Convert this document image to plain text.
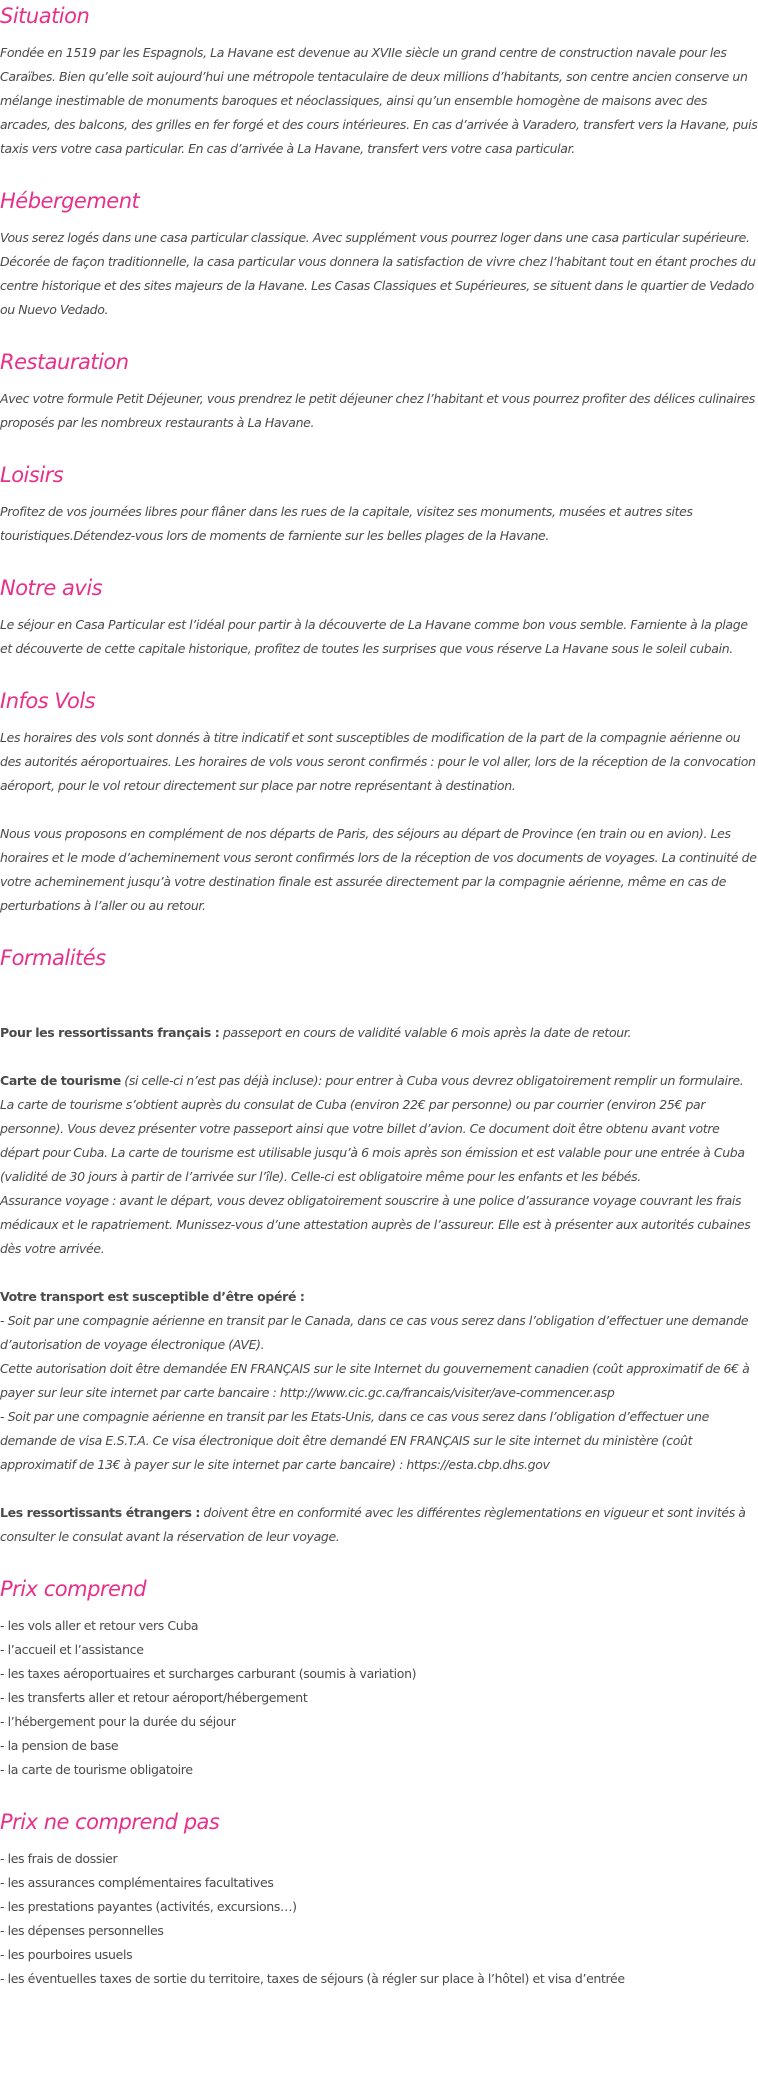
Situation

Fondée en 1519 par les Espagnols, La Havane est devenue au XVIIe siècle un grand centre de construction navale pour les Caraïbes. Bien qu’elle soit aujourd’hui une métropole tentaculaire de deux millions d’habitants, son centre ancien conserve un mélange inestimable de monuments baroques et néoclassiques, ainsi qu’un ensemble homogène de maisons avec des arcades, des balcons, des grilles en fer forgé et des cours intérieures. En cas d’arrivée à Varadero, transfert vers la Havane, puis taxis vers votre casa particular. En cas d’arrivée à La Havane, transfert vers votre casa particular.

Hébergement

Vous serez logés dans une casa particular classique. Avec supplément vous pourrez loger dans une casa particular supérieure. Décorée de façon traditionnelle, la casa particular vous donnera la satisfaction de vivre chez l’habitant tout en étant proches du centre historique et des sites majeurs de la Havane. Les Casas Classiques et Supérieures, se situent dans le quartier de Vedado ou Nuevo Vedado.

Restauration

Avec votre formule Petit Déjeuner, vous prendrez le petit déjeuner chez l’habitant et vous pourrez profiter des délices culinaires proposés par les nombreux restaurants à La Havane.

Loisirs

Profitez de vos journées libres pour flâner dans les rues de la capitale, visitez ses monuments, musées et autres sites touristiques.Détendez-vous lors de moments de farniente sur les belles plages de la Havane.

Notre avis

Le séjour en Casa Particular est l’idéal pour partir à la découverte de La Havane comme bon vous semble. Farniente à la plage et découverte de cette capitale historique, profitez de toutes les surprises que vous réserve La Havane sous le soleil cubain.

Infos Vols

Les horaires des vols sont donnés à titre indicatif et sont susceptibles de modification de la part de la compagnie aérienne ou des autorités aéroportuaires. Les horaires de vols vous seront confirmés : pour le vol aller, lors de la réception de la convocation aéroport, pour le vol retour directement sur place par notre représentant à destination.

Nous vous proposons en complément de nos départs de Paris, des séjours au départ de Province (en train ou en avion). Les horaires et le mode d’acheminement vous seront confirmés lors de la réception de vos documents de voyages. La continuité de votre acheminement jusqu’à votre destination finale est assurée directement par la compagnie aérienne, même en cas de perturbations à l’aller ou au retour.

Formalités

Pour les ressortissants français : passeport en cours de validité valable 6 mois après la date de retour.

Carte de tourisme (si celle-ci n’est pas déjà incluse): pour entrer à Cuba vous devrez obligatoirement remplir un formulaire. La carte de tourisme s’obtient auprès du consulat de Cuba (environ 22€ par personne) ou par courrier (environ 25€ par personne). Vous devez présenter votre passeport ainsi que votre billet d’avion. Ce document doit être obtenu avant votre départ pour Cuba. La carte de tourisme est utilisable jusqu’à 6 mois après son émission et est valable pour une entrée à Cuba (validité de 30 jours à partir de l’arrivée sur l’île). Celle-ci est obligatoire même pour les enfants et les bébés.

Assurance voyage : avant le départ, vous devez obligatoirement souscrire à une police d’assurance voyage couvrant les frais médicaux et le rapatriement. Munissez-vous d’une attestation auprès de l’assureur. Elle est à présenter aux autorités cubaines dès votre arrivée.

Votre transport est susceptible d’être opéré :

- Soit par une compagnie aérienne en transit par le Canada, dans ce cas vous serez dans l’obligation d’effectuer une demande d’autorisation de voyage électronique (AVE).

Cette autorisation doit être demandée EN FRANÇAIS sur le site Internet du gouvernement canadien (coût approximatif de 6€ à payer sur leur site internet par carte bancaire : http://www.cic.gc.ca/francais/visiter/ave-commencer.asp

- Soit par une compagnie aérienne en transit par les Etats-Unis, dans ce cas vous serez dans l’obligation d’effectuer une demande de visa E.S.T.A. Ce visa électronique doit être demandé EN FRANÇAIS sur le site internet du ministère (coût approximatif de 13€ à payer sur le site internet par carte bancaire) : https://esta.cbp.dhs.gov

Les ressortissants étrangers : doivent être en conformité avec les différentes règlementations en vigueur et sont invités à consulter le consulat avant la réservation de leur voyage.

Prix comprend

- les vols aller et retour vers Cuba

- l’accueil et l’assistance

- les taxes aéroportuaires et surcharges carburant (soumis à variation)

- les transferts aller et retour aéroport/hébergement

- l’hébergement pour la durée du séjour

- la pension de base

- la carte de tourisme obligatoire

Prix ne comprend pas

- les frais de dossier

- les assurances complémentaires facultatives

- les prestations payantes (activités, excursions…)

- les dépenses personnelles

- les pourboires usuels

- les éventuelles taxes de sortie du territoire, taxes de séjours (à régler sur place à l’hôtel) et visa d’entrée
